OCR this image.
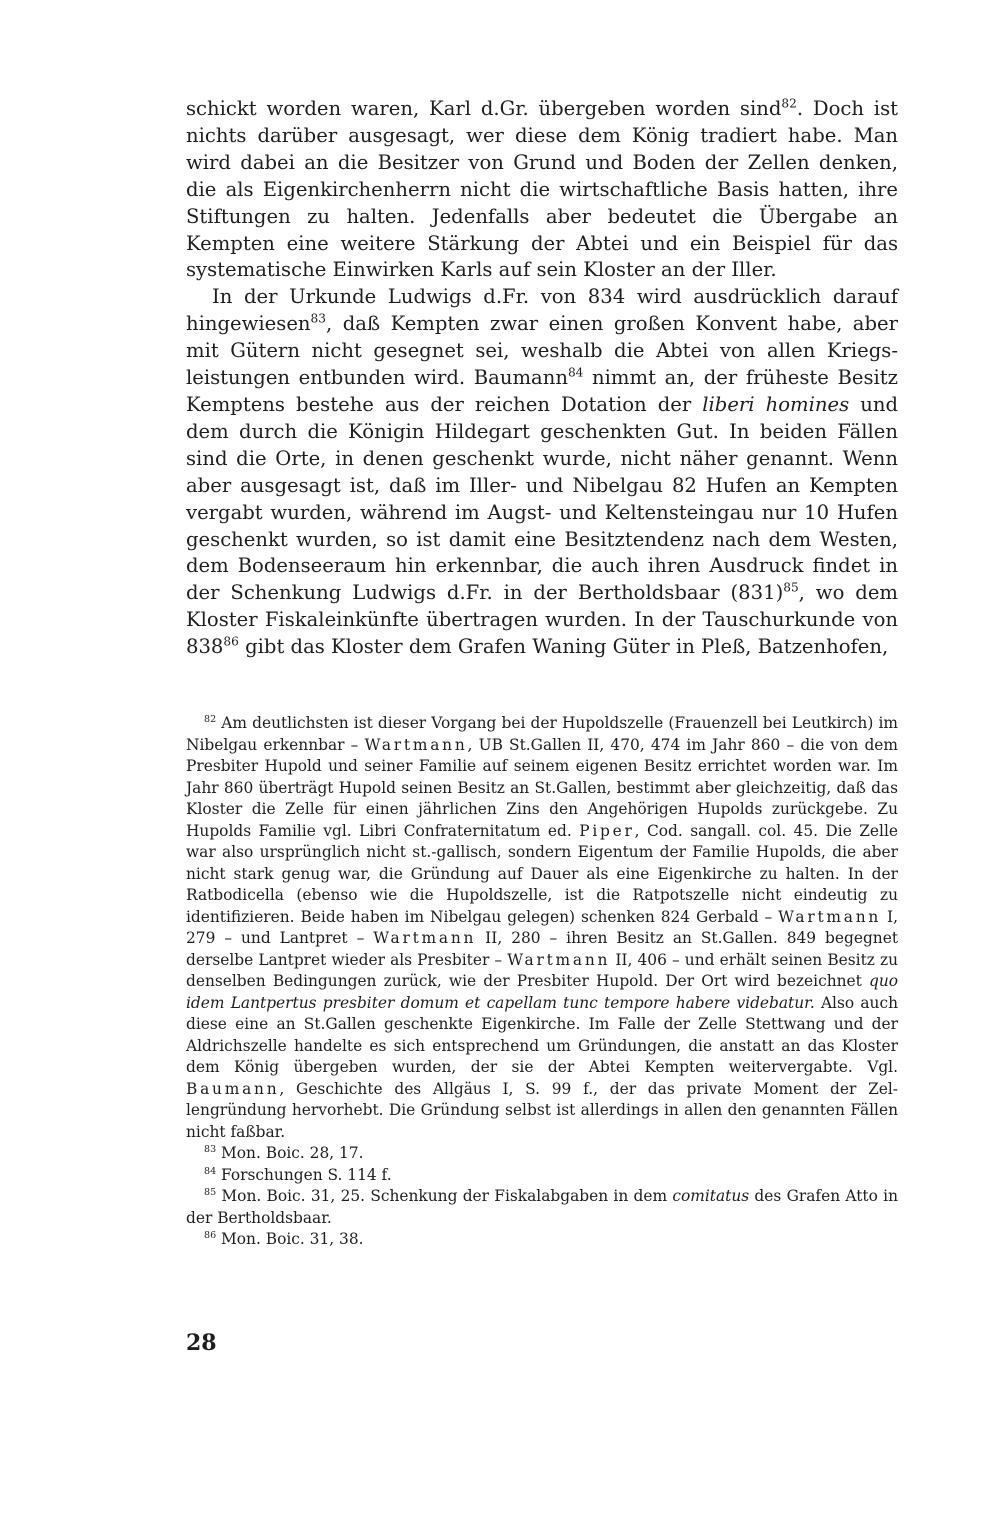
schickt worden waren, Karl d.Gr. übergeben worden sind$^{82}$. Doch ist nichts darüber ausgesagt, wer diese dem König tradiert habe. Man wird dabei an die Besitzer von Grund und Boden der Zellen denken, die als Eigenkirchenherrn nicht die wirtschaftliche Basis hatten, ihre Stiftungen zu halten. Jedenfalls aber bedeutet die Übergabe an Kempten eine weitere Stärkung der Abtei und ein Beispiel für das systematische Einwirken Karls auf sein Kloster an der Iller.

In der Urkunde Ludwigs d.Fr. von 834 wird ausdrücklich darauf hingewiesen$^{83}$, daß Kempten zwar einen großen Konvent habe, aber mit Gütern nicht gesegnet sei, weshalb die Abtei von allen Kriegsleistungen entbunden wird. Baumann$^{84}$ nimmt an, der früheste Besitz Kemptens bestehe aus der reichen Dotation der liberi homines und dem durch die Königin Hildegart geschenkten Gut. In beiden Fällen sind die Orte, in denen geschenkt wurde, nicht näher genannt. Wenn aber ausgesagt ist, daß im Iller- und Nibelgau 82 Hufen an Kempten vergabt wurden, während im Augst- und Keltensteingau nur 10 Hufen geschenkt wurden, so ist damit eine Besitztendenz nach dem Westen, dem Bodenseeraum hin erkennbar, die auch ihren Ausdruck findet in der Schenkung Ludwigs d.Fr. in der Bertholdsbaar $(831)^{85}$, wo dem Kloster Fiskaleinkünfte übertragen wurden. In der Tauschurkunde von $838^{86}$ gibt das Kloster dem Grafen Waning Güter in Pleß, Batzenhofen,

$^{82}$ Am deutlichsten ist dieser Vorgang bei der Hupoldszelle (Frauenzell bei Leutkirch) im Nibelgau erkennbar – Wartmann, UB St.Gallen II, 470, 474 im Jahr 860 – die von dem Presbiter Hupold und seiner Familie auf seinem eigenen Besitz errichtet worden war. Im Jahr 860 überträgt Hupold seinen Besitz an St.Gallen, bestimmt aber gleichzeitig, daß das Kloster die Zelle für einen jährlichen Zins den Angehörigen Hupolds zurückgebe. Zu Hupolds Familie vgl. Libri Confraternitatum ed. Piper, Cod. sangall. col. 45. Die Zelle war also ursprünglich nicht st.-gallisch, sondern Eigentum der Familie Hupolds, die aber nicht stark genug war, die Gründung auf Dauer als eine Eigenkirche zu halten. In der Ratbodicella (ebenso wie die Hupoldszelle, ist die Ratpotszelle nicht eindeutig zu identifizieren. Beide haben im Nibelgau gelegen) schenken 824 Gerbald – Wartmann I, 279 – und Lantpret – Wartmann II, 280 – ihren Besitz an St.Gallen. 849 begegnet derselbe Lantpret wieder als Presbiter – Wartmann II, 406 – und erhält seinen Besitz zu denselben Bedingungen zurück, wie der Presbiter Hupold. Der Ort wird bezeichnet quo idem Lantpertus presbiter domum et capellam tunc tempore habere videbatur. Also auch diese eine an St.Gallen geschenkte Eigenkirche. Im Falle der Zelle Stettwang und der Aldrichszelle handelte es sich entsprechend um Gründungen, die anstatt an das Kloster dem König übergeben wurden, der sie der Abtei Kempten weitervergabte. Vgl. Baumann, Geschichte des Allgäus I, S. 99 f., der das private Moment der Zellengründung hervorhebt. Die Gründung selbst ist allerdings in allen den genannten Fällen nicht faßbar.

$^{83}$ Mon. Boic. 28, 17.

$^{84}$ Forschungen S. 114 f.

$^{85}$ Mon. Boic. 31, 25. Schenkung der Fiskalabgaben in dem comitatus des Grafen Atto in der Bertholdsbaar.

$^{86}$ Mon. Boic. 31, 38.

28
